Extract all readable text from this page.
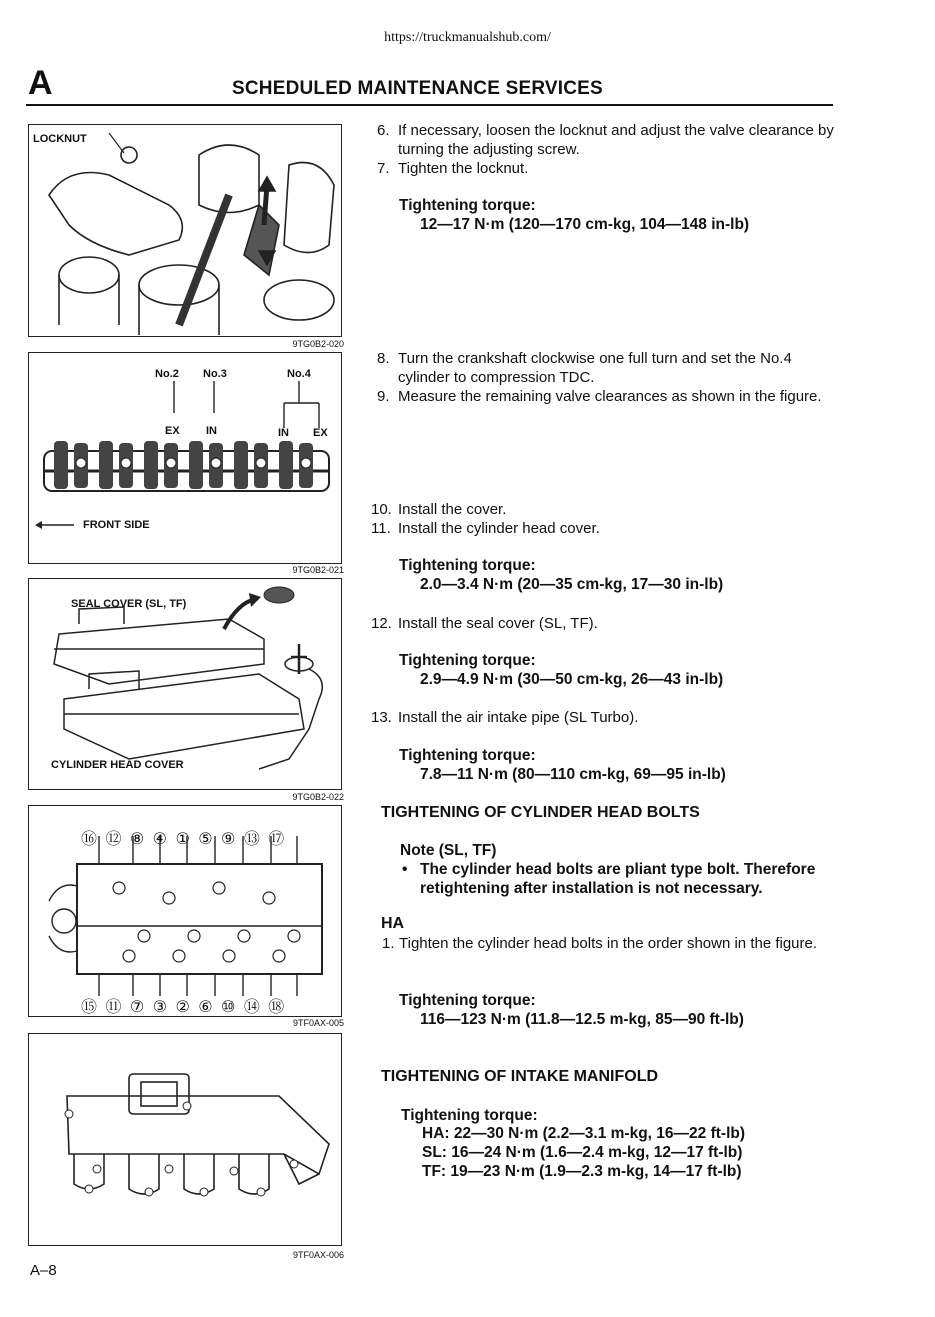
https://truckmanualshub.com/
A	SCHEDULED MAINTENANCE SERVICES
LOCKNUT
9TG0B2-020
No.2 No.3	No.4
EX IN	IN EX
FRONT SIDE
9TG0B2-021
SEAL COVER (SL, TF)
CYLINDER HEAD COVER
9TG0B2-022
⑯ ⑫ ⑧ ④ ① ⑤ ⑨ ⑬ ⑰
⑮ ⑪ ⑦ ③ ② ⑥ ⑩ ⑭ ⑱
9TF0AX-005
9TF0AX-006
6. If necessary, loosen the locknut and adjust the valve clearance by turning the adjusting screw.
7. Tighten the locknut.
Tightening torque:
12—17 N·m (120—170 cm-kg, 104—148 in-lb)
8. Turn the crankshaft clockwise one full turn and set the No.4 cylinder to compression TDC.
9. Measure the remaining valve clearances as shown in the figure.
10. Install the cover.
11. Install the cylinder head cover.
Tightening torque:
2.0—3.4 N·m (20—35 cm-kg, 17—30 in-lb)
12. Install the seal cover (SL, TF).
Tightening torque:
2.9—4.9 N·m (30—50 cm-kg, 26—43 in-lb)
13. Install the air intake pipe (SL Turbo).
Tightening torque:
7.8—11 N·m (80—110 cm-kg, 69—95 in-lb)
TIGHTENING OF CYLINDER HEAD BOLTS
Note (SL, TF)
• The cylinder head bolts are pliant type bolt. Therefore retightening after installation is not necessary.
HA
1. Tighten the cylinder head bolts in the order shown in the figure.
Tightening torque:
116—123 N·m (11.8—12.5 m-kg, 85—90 ft-lb)
TIGHTENING OF INTAKE MANIFOLD
Tightening torque:
HA: 22—30 N·m (2.2—3.1 m-kg, 16—22 ft-lb)
SL: 16—24 N·m (1.6—2.4 m-kg, 12—17 ft-lb)
TF: 19—23 N·m (1.9—2.3 m-kg, 14—17 ft-lb)
A–8
